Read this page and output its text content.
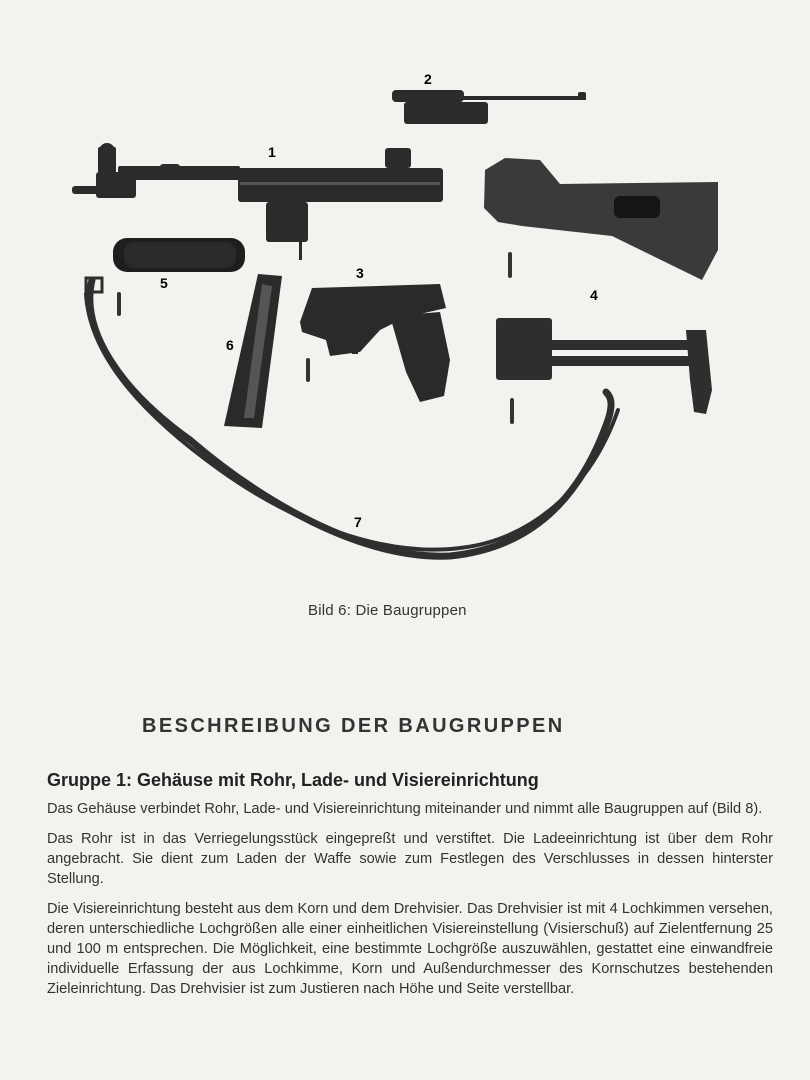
1
2
3
4
5
6
7
Bild 6: Die Baugruppen
BESCHREIBUNG DER BAUGRUPPEN
Gruppe 1: Gehäuse mit Rohr, Lade- und Visiereinrichtung

Das Gehäuse verbindet Rohr, Lade- und Visiereinrichtung miteinander und nimmt alle Baugruppen auf (Bild 8).

Das Rohr ist in das Verriegelungsstück eingepreßt und verstiftet. Die Ladeeinrichtung ist über dem Rohr angebracht. Sie dient zum Laden der Waffe sowie zum Festlegen des Verschlusses in dessen hinterster Stellung.

Die Visiereinrichtung besteht aus dem Korn und dem Drehvisier. Das Drehvisier ist mit 4 Lochkimmen versehen, deren unterschiedliche Lochgrößen alle einer einheitlichen Visiereinstellung (Visierschuß) auf Zielentfernung 25 und 100 m entsprechen. Die Möglichkeit, eine bestimmte Lochgröße auszuwählen, gestattet eine einwandfreie individuelle Erfassung der aus Lochkimme, Korn und Außendurchmesser des Kornschutzes bestehenden Zieleinrichtung. Das Drehvisier ist zum Justieren nach Höhe und Seite verstellbar.
